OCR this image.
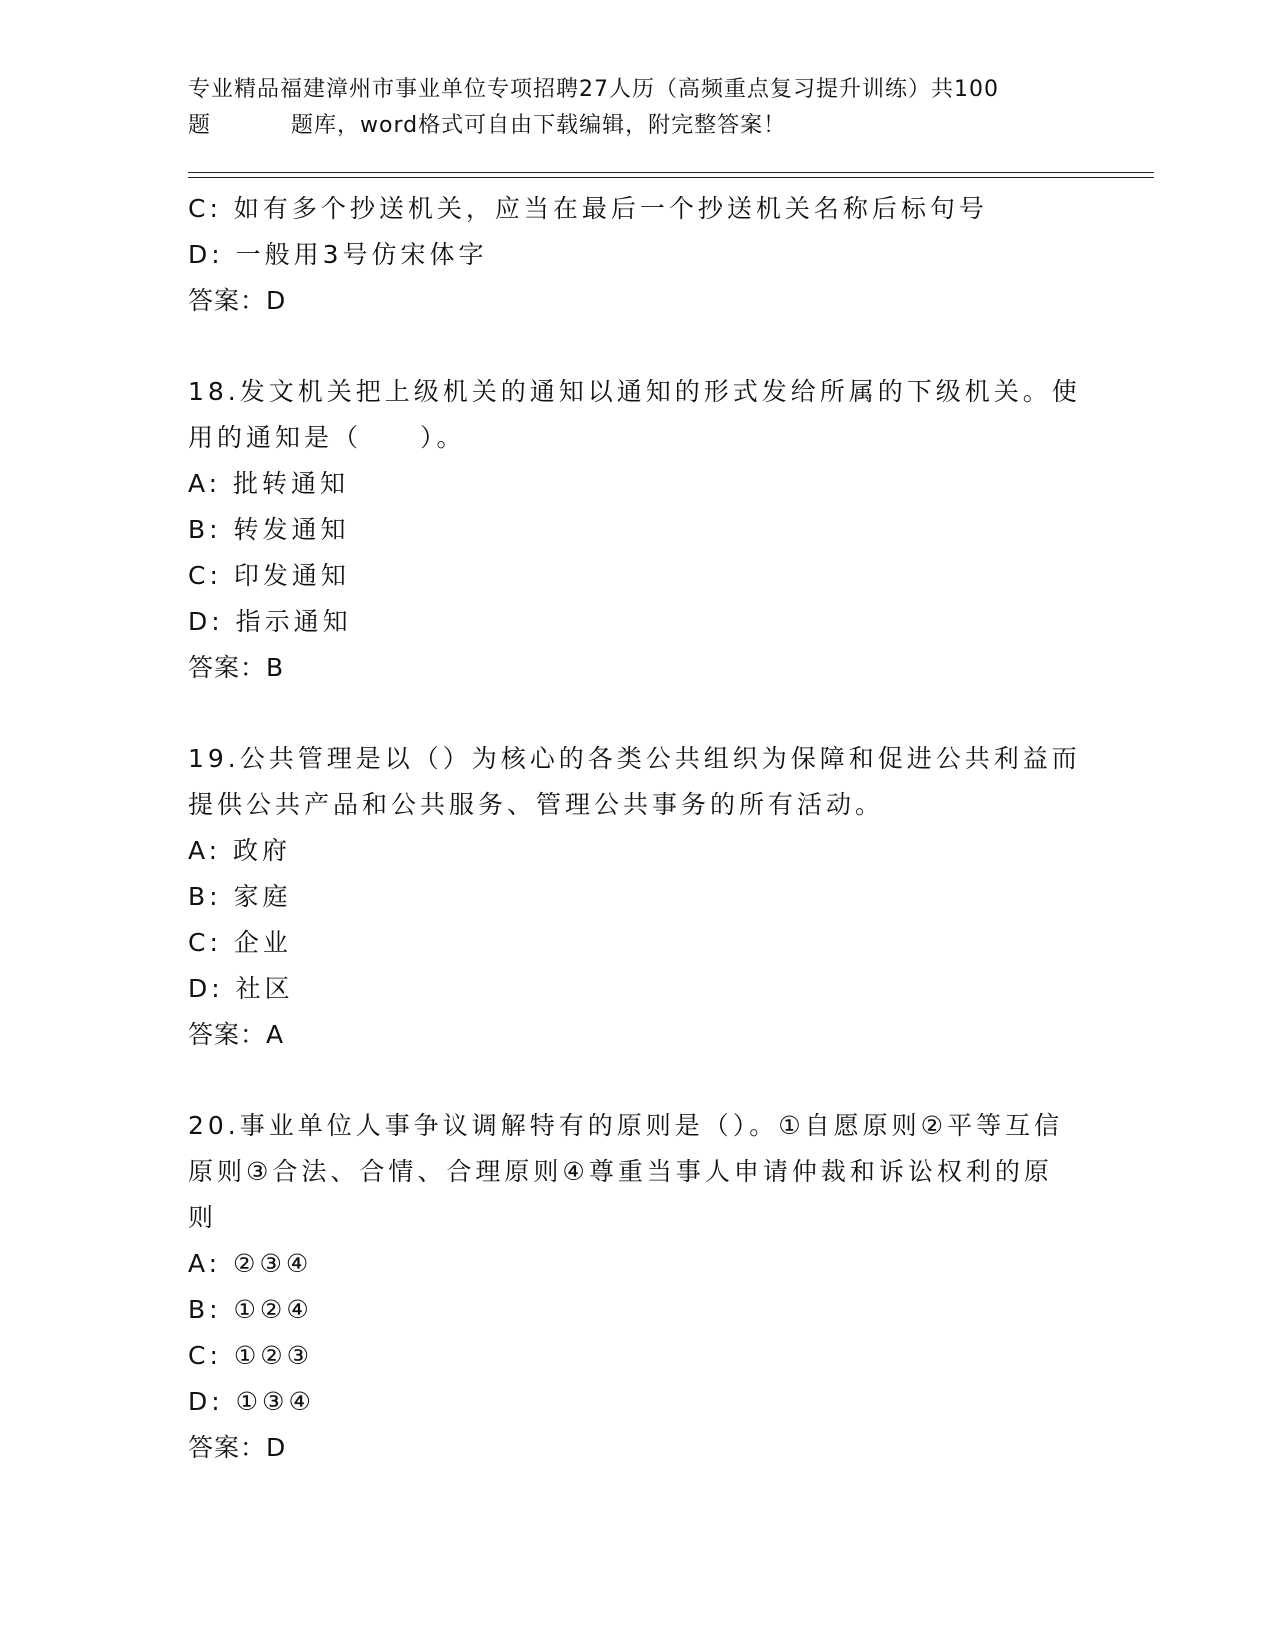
专业精品福建漳州市事业单位专项招聘27人历（高频重点复习提升训练）共100
题	题库，word格式可自由下载编辑，附完整答案！
C: 如有多个抄送机关，应当在最后一个抄送机关名称后标句号
D: 一般用3号仿宋体字
答案：D
18.发文机关把上级机关的通知以通知的形式发给所属的下级机关。使
用的通知是（　　）。
A: 批转通知
B: 转发通知
C: 印发通知
D: 指示通知
答案：B
19.公共管理是以（）为核心的各类公共组织为保障和促进公共利益而
提供公共产品和公共服务、管理公共事务的所有活动。
A: 政府
B: 家庭
C: 企业
D: 社区
答案：A
20.事业单位人事争议调解特有的原则是（）。①自愿原则②平等互信
原则③合法、合情、合理原则④尊重当事人申请仲裁和诉讼权利的原
则
A: ②③④
B: ①②④
C: ①②③
D: ①③④
答案：D
